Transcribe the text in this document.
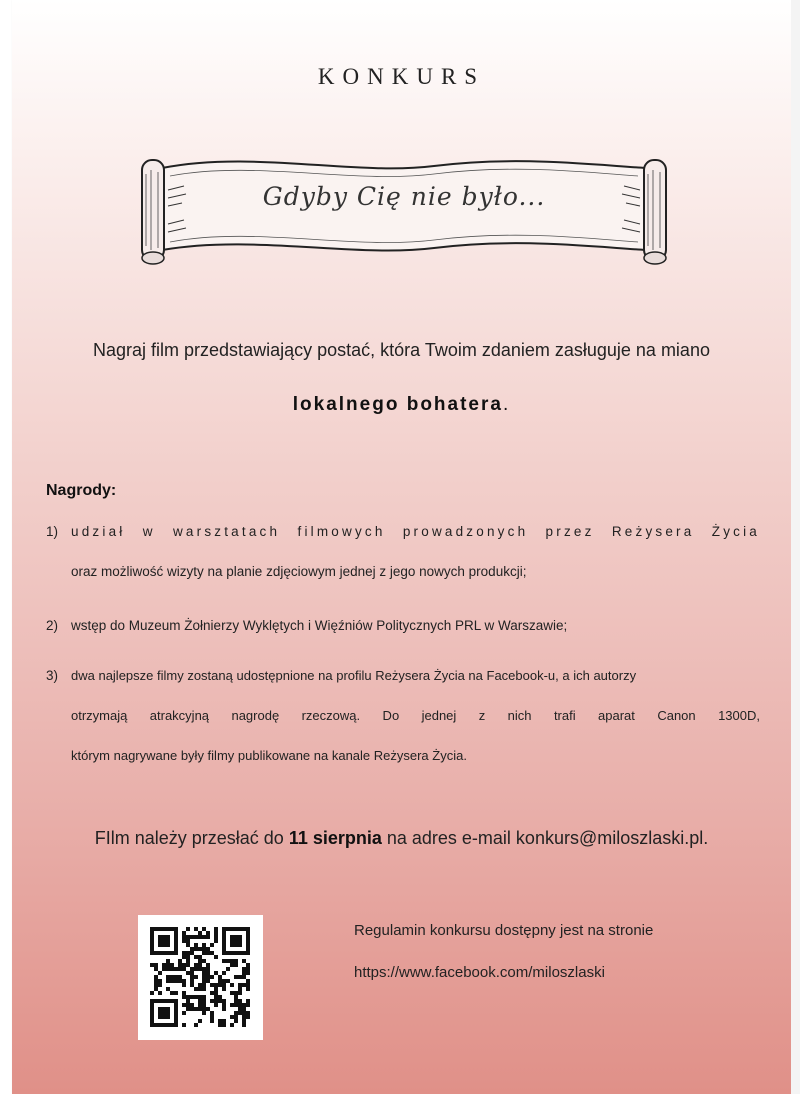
KONKURS
Gdyby Cię nie było...
Nagraj film przedstawiający postać, która Twoim zdaniem zasługuje na miano
lokalnego bohatera.
Nagrody:
1) udział w warsztatach filmowych prowadzonych przez Reżysera Życia
oraz możliwość wizyty na planie zdjęciowym jednej z jego nowych produkcji;
2) wstęp do Muzeum Żołnierzy Wyklętych i Więźniów Politycznych PRL w Warszawie;
3) dwa najlepsze filmy zostaną udostępnione na profilu Reżysera Życia na Facebook-u, a ich autorzy
otrzymają atrakcyjną nagrodę rzeczową. Do jednej z nich trafi aparat Canon 1300D,
którym nagrywane były filmy publikowane na kanale Reżysera Życia.
FIlm należy przesłać do 11 sierpnia na adres e-mail konkurs@miloszlaski.pl.
Regulamin konkursu dostępny jest na stronie
https://www.facebook.com/miloszlaski
